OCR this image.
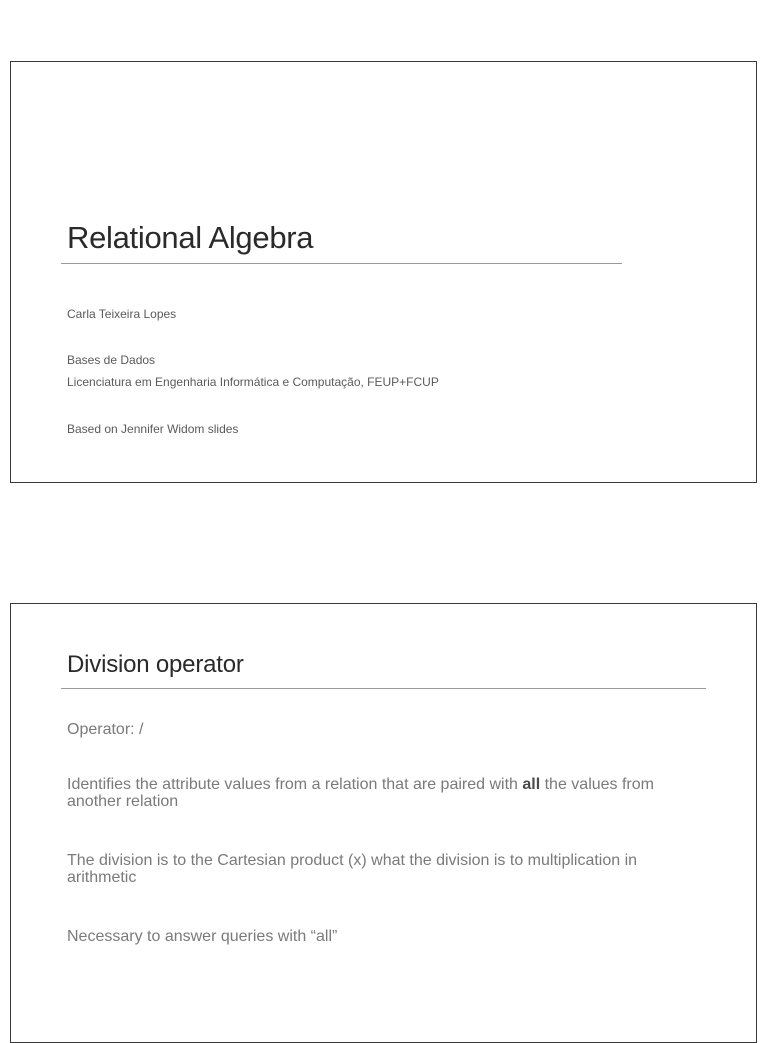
Relational Algebra

Carla Teixeira Lopes

Bases de Dados

Licenciatura em Engenharia Informática e Computação, FEUP+FCUP

Based on Jennifer Widom slides

Division operator

Operator: /

Identifies the attribute values from a relation that are paired with all the values from another relation

The division is to the Cartesian product (x) what the division is to multiplication in arithmetic

Necessary to answer queries with “all”
